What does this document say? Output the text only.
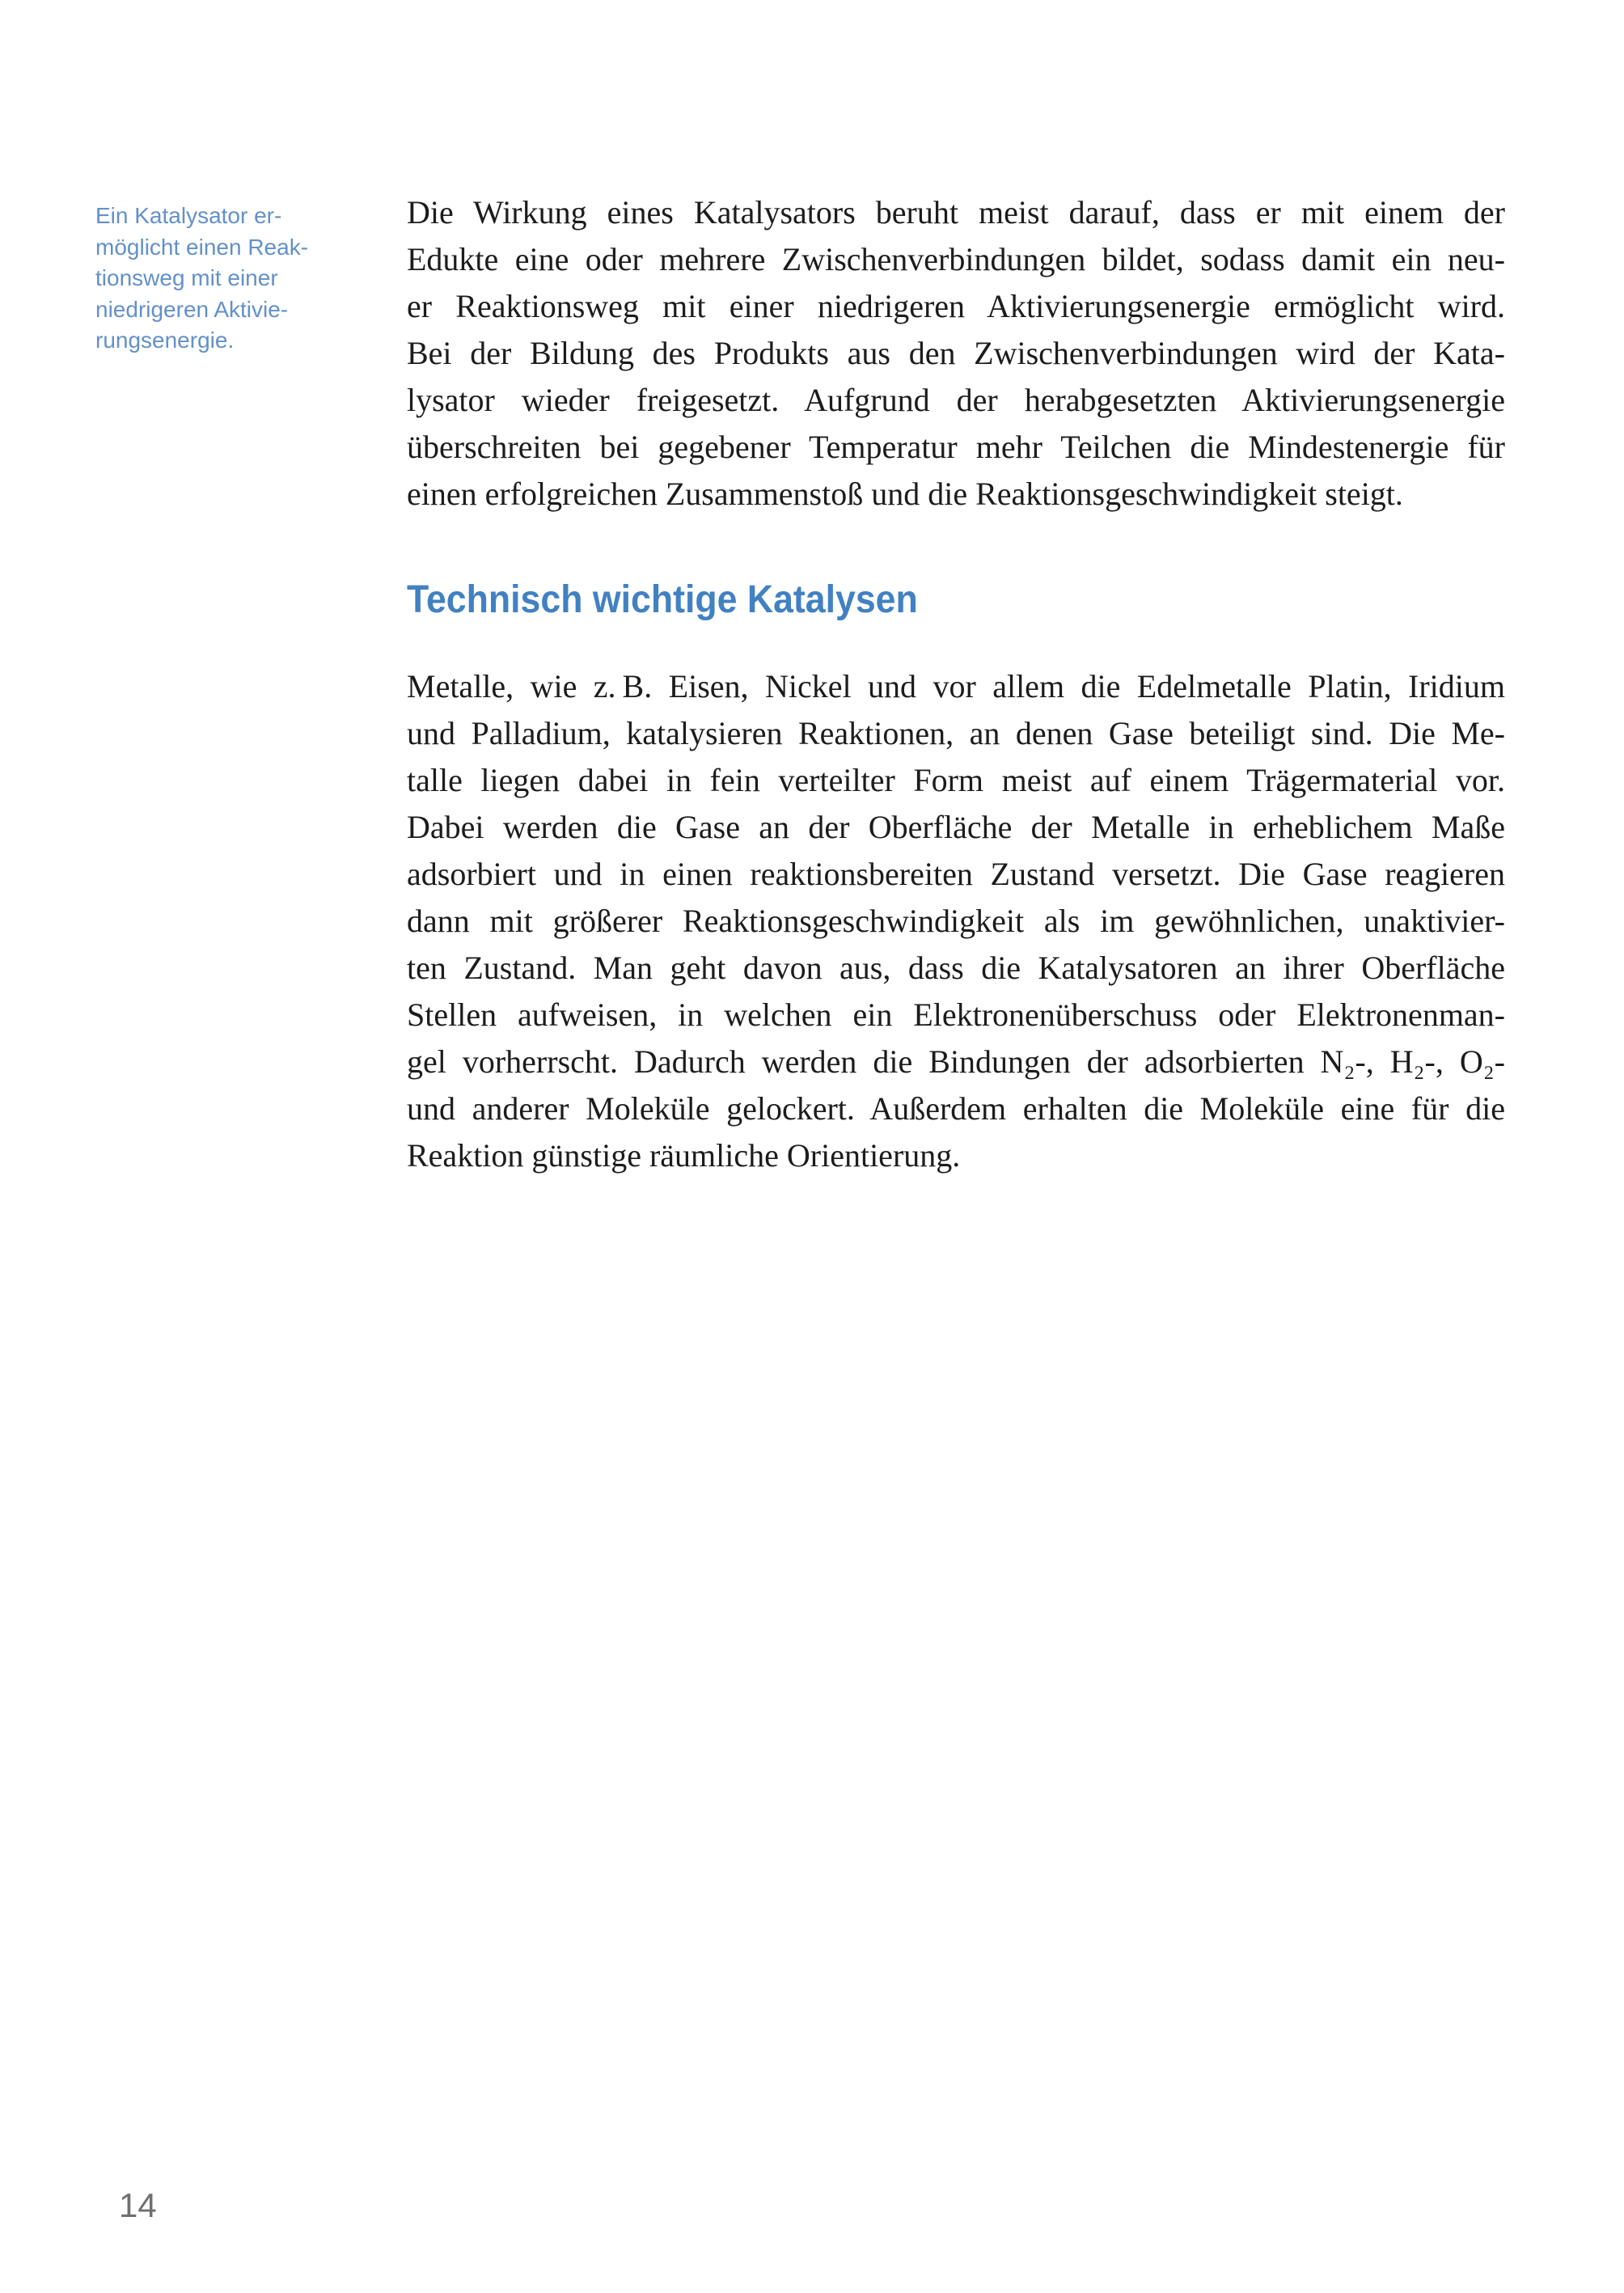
Ein Katalysator er-
möglicht einen Reak-
tionsweg mit einer
niedrigeren Aktivie-
rungsenergie.
Die Wirkung eines Katalysators beruht meist darauf, dass er mit einem der
Edukte eine oder mehrere Zwischenverbindungen bildet, sodass damit ein neu-
er Reaktionsweg mit einer niedrigeren Aktivierungsenergie ermöglicht wird.
Bei der Bildung des Produkts aus den Zwischenverbindungen wird der Kata-
lysator wieder freigesetzt. Aufgrund der herabgesetzten Aktivierungsenergie
überschreiten bei gegebener Temperatur mehr Teilchen die Mindestenergie für
einen erfolgreichen Zusammenstoß und die Reaktionsgeschwindigkeit steigt.
Technisch wichtige Katalysen
Metalle, wie z. B. Eisen, Nickel und vor allem die Edelmetalle Platin, Iridium
und Palladium, katalysieren Reaktionen, an denen Gase beteiligt sind. Die Me-
talle liegen dabei in fein verteilter Form meist auf einem Trägermaterial vor.
Dabei werden die Gase an der Oberfläche der Metalle in erheblichem Maße
adsorbiert und in einen reaktionsbereiten Zustand versetzt. Die Gase reagieren
dann mit größerer Reaktionsgeschwindigkeit als im gewöhnlichen, unaktivier-
ten Zustand. Man geht davon aus, dass die Katalysatoren an ihrer Oberfläche
Stellen aufweisen, in welchen ein Elektronenüberschuss oder Elektronenman-
gel vorherrscht. Dadurch werden die Bindungen der adsorbierten N₂-, H₂-, O₂-
und anderer Moleküle gelockert. Außerdem erhalten die Moleküle eine für die
Reaktion günstige räumliche Orientierung.
14
